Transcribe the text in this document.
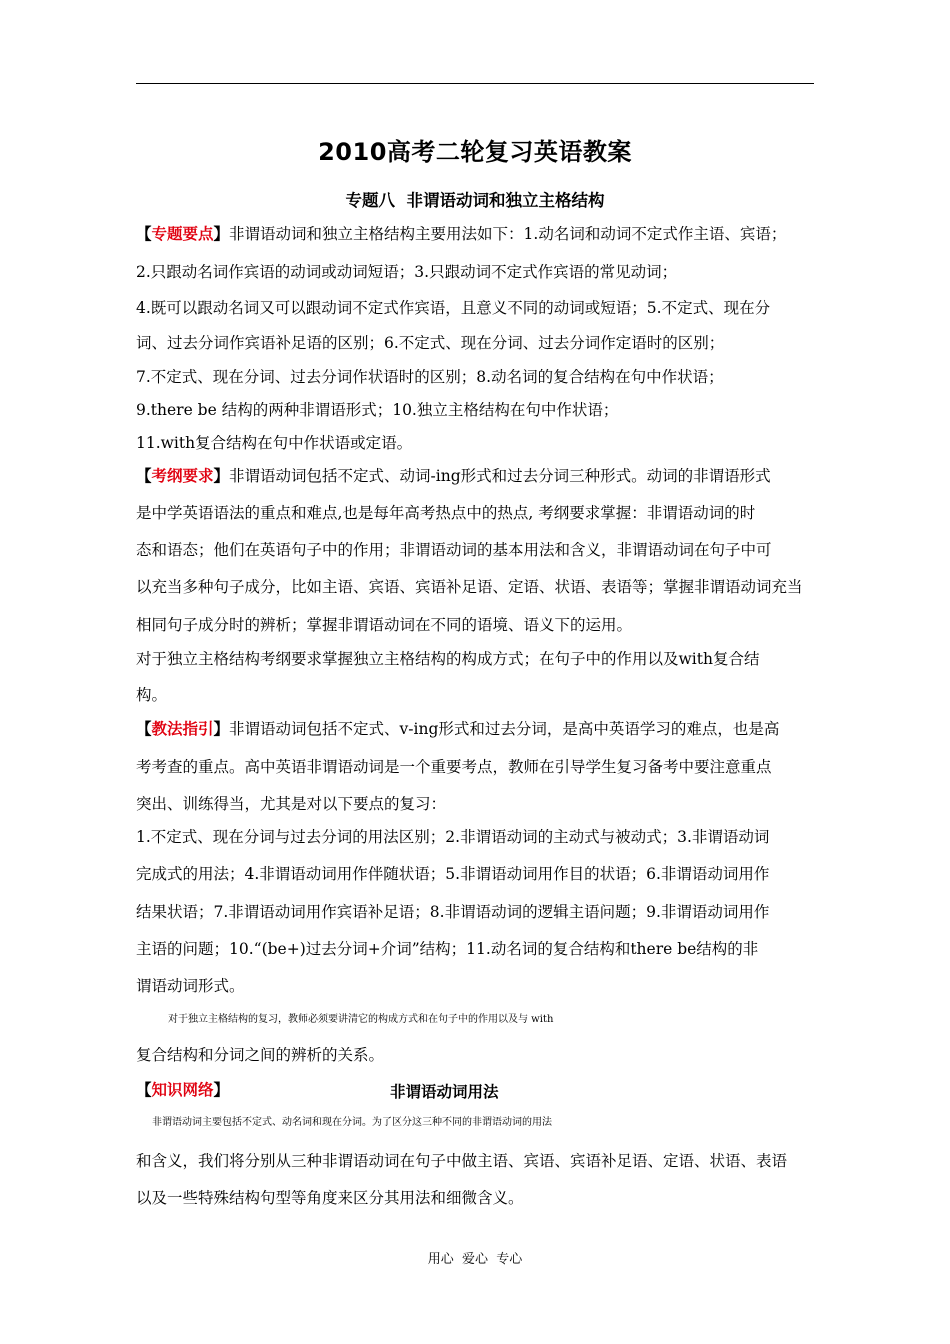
2010高考二轮复习英语教案
专题八  非谓语动词和独立主格结构
【专题要点】非谓语动词和独立主格结构主要用法如下：1.动名词和动词不定式作主语、宾语；
2.只跟动名词作宾语的动词或动词短语；3.只跟动词不定式作宾语的常见动词；
4.既可以跟动名词又可以跟动词不定式作宾语，且意义不同的动词或短语；5.不定式、现在分
词、过去分词作宾语补足语的区别；6.不定式、现在分词、过去分词作定语时的区别；
7.不定式、现在分词、过去分词作状语时的区别；8.动名词的复合结构在句中作状语；
9.there be 结构的两种非谓语形式；10.独立主格结构在句中作状语；
11.with复合结构在句中作状语或定语。
【考纲要求】非谓语动词包括不定式、动词-ing形式和过去分词三种形式。动词的非谓语形式
是中学英语语法的重点和难点,也是每年高考热点中的热点, 考纲要求掌握：非谓语动词的时
态和语态；他们在英语句子中的作用；非谓语动词的基本用法和含义，非谓语动词在句子中可
以充当多种句子成分，比如主语、宾语、宾语补足语、定语、状语、表语等；掌握非谓语动词充当
相同句子成分时的辨析；掌握非谓语动词在不同的语境、语义下的运用。
对于独立主格结构考纲要求掌握独立主格结构的构成方式；在句子中的作用以及with复合结
构。
【教法指引】非谓语动词包括不定式、v-ing形式和过去分词，是高中英语学习的难点，也是高
考考查的重点。高中英语非谓语动词是一个重要考点，教师在引导学生复习备考中要注意重点
突出、训练得当，尤其是对以下要点的复习：
1.不定式、现在分词与过去分词的用法区别；2.非谓语动词的主动式与被动式；3.非谓语动词
完成式的用法；4.非谓语动词用作伴随状语；5.非谓语动词用作目的状语；6.非谓语动词用作
结果状语；7.非谓语动词用作宾语补足语；8.非谓语动词的逻辑主语问题；9.非谓语动词用作
主语的问题；10.“(be+)过去分词+介词”结构；11.动名词的复合结构和there be结构的非
谓语动词形式。
对于独立主格结构的复习，教师必须要讲清它的构成方式和在句子中的作用以及与 with
复合结构和分词之间的辨析的关系。
【知识网络】	非谓语动词用法
非谓语动词主要包括不定式、动名词和现在分词。为了区分这三种不同的非谓语动词的用法
和含义，我们将分别从三种非谓语动词在句子中做主语、宾语、宾语补足语、定语、状语、表语
以及一些特殊结构句型等角度来区分其用法和细微含义。
用心  爱心  专心
